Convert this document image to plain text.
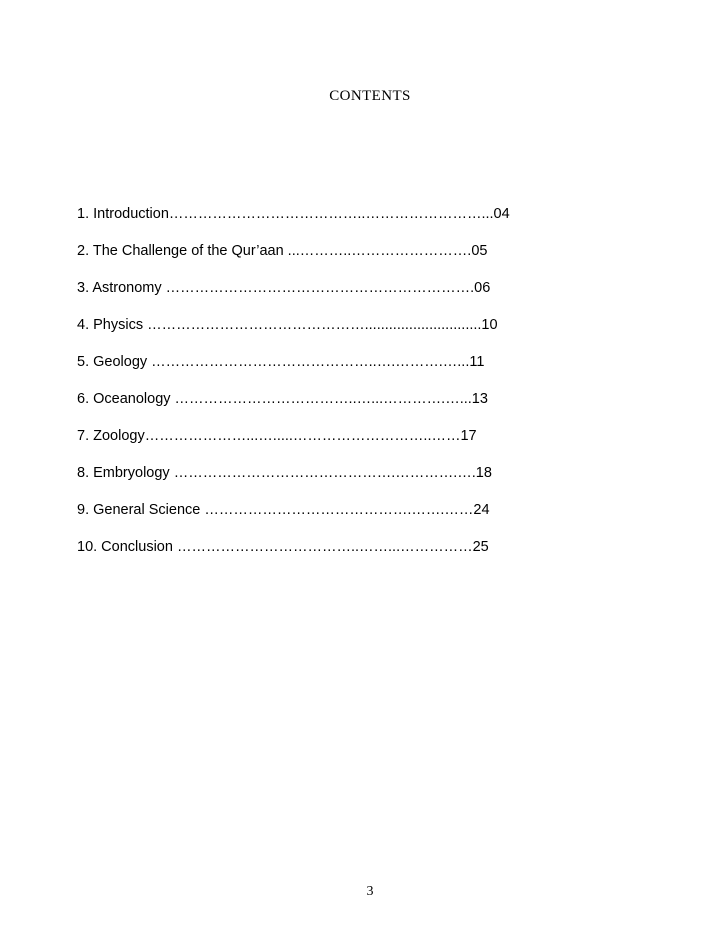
CONTENTS
1. Introduction…………………………………..……………………...04
2. The Challenge of the Qur’aan ...………..…………………….05
3. Astronomy ……………………………………………………….06
4. Physics ……………………………………….............................10
5. Geology ………………………………………..….……….…...11
6. Oceanology ………………………………..…...………….…...13
7. Zoology…………………...….....………………………..……17
8. Embryology ……………………………………….………….….18
9. General Science …………………………………….…….……24
10. Conclusion ………………………………..……...……………25
3
